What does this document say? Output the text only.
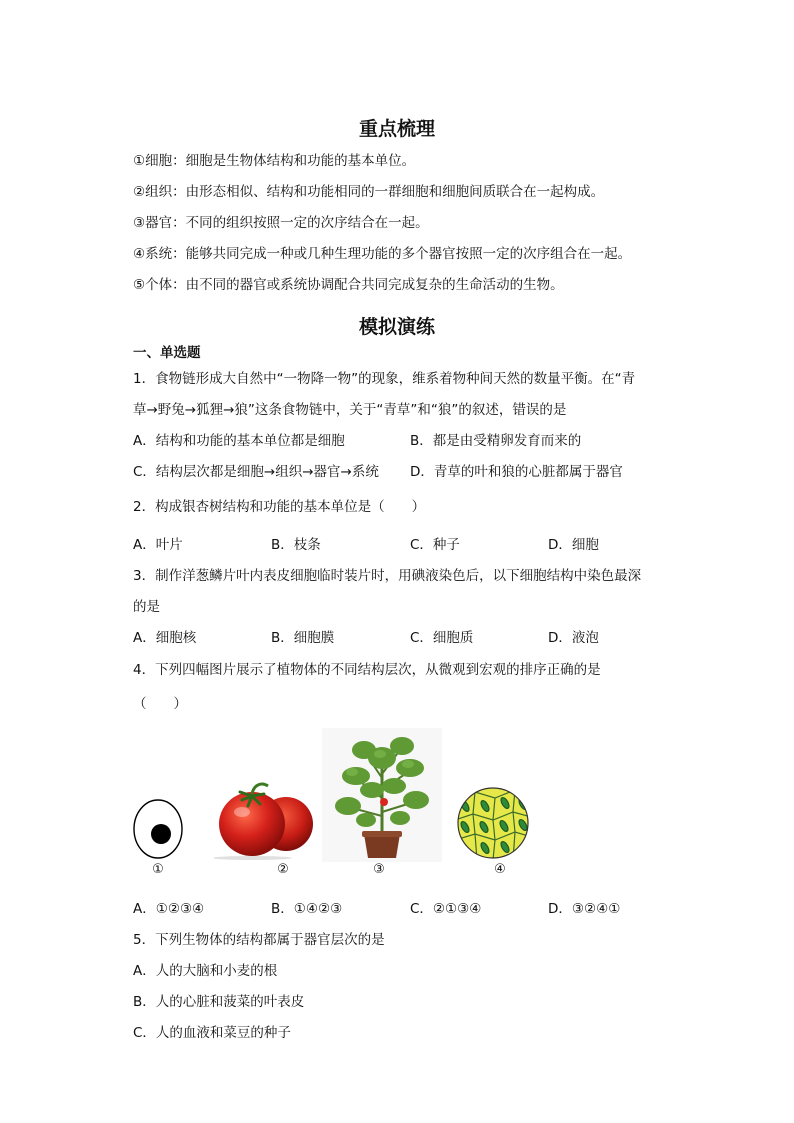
重点梳理
①细胞：细胞是生物体结构和功能的基本单位。
②组织：由形态相似、结构和功能相同的一群细胞和细胞间质联合在一起构成。
③器官：不同的组织按照一定的次序结合在一起。
④系统：能够共同完成一种或几种生理功能的多个器官按照一定的次序组合在一起。
⑤个体：由不同的器官或系统协调配合共同完成复杂的生命活动的生物。
模拟演练
一、单选题
1．食物链形成大自然中“一物降一物”的现象，维系着物种间天然的数量平衡。在“青
草→野兔→狐狸→狼”这条食物链中，关于“青草”和“狼”的叙述，错误的是
A．结构和功能的基本单位都是细胞	B．都是由受精卵发育而来的
C．结构层次都是细胞→组织→器官→系统 D．青草的叶和狼的心脏都属于器官
2．构成银杏树结构和功能的基本单位是（　　）
A．叶片	B．枝条	C．种子	D．细胞
3．制作洋葱鳞片叶内表皮细胞临时装片时，用碘液染色后，以下细胞结构中染色最深
的是
A．细胞核	B．细胞膜	C．细胞质	D．液泡
4．下列四幅图片展示了植物体的不同结构层次，从微观到宏观的排序正确的是
（　　）
①	②	③	④
A．①②③④	B．①④②③	C．②①③④	D．③②④①
5．下列生物体的结构都属于器官层次的是
A．人的大脑和小麦的根
B．人的心脏和菠菜的叶表皮
C．人的血液和菜豆的种子
